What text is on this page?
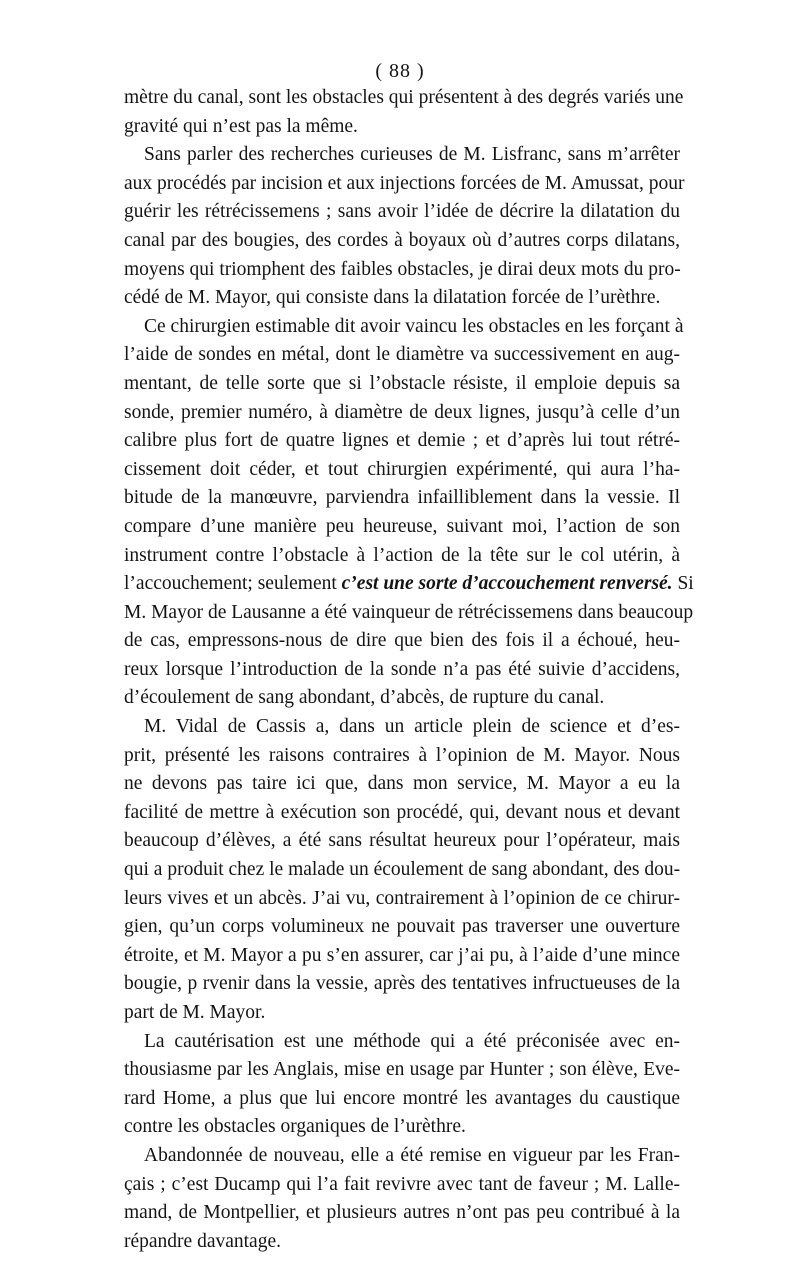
( 88 )
mètre du canal, sont les obstacles qui présentent à des degrés variés une
gravité qui n’est pas la même.
Sans parler des recherches curieuses de M. Lisfranc, sans m’arrêter
aux procédés par incision et aux injections forcées de M. Amussat, pour
guérir les rétrécissemens ; sans avoir l’idée de décrire la dilatation du
canal par des bougies, des cordes à boyaux où d’autres corps dilatans,
moyens qui triomphent des faibles obstacles, je dirai deux mots du pro-
cédé de M. Mayor, qui consiste dans la dilatation forcée de l’urèthre.
Ce chirurgien estimable dit avoir vaincu les obstacles en les forçant à
l’aide de sondes en métal, dont le diamètre va successivement en aug-
mentant, de telle sorte que si l’obstacle résiste, il emploie depuis sa
sonde, premier numéro, à diamètre de deux lignes, jusqu’à celle d’un
calibre plus fort de quatre lignes et demie ; et d’après lui tout rétré-
cissement doit céder, et tout chirurgien expérimenté, qui aura l’ha-
bitude de la manœuvre, parviendra infailliblement dans la vessie. Il
compare d’une manière peu heureuse, suivant moi, l’action de son
instrument contre l’obstacle à l’action de la tête sur le col utérin, à
l’accouchement; seulement c’est une sorte d’accouchement renversé. Si
M. Mayor de Lausanne a été vainqueur de rétrécissemens dans beaucoup
de cas, empressons-nous de dire que bien des fois il a échoué, heu-
reux lorsque l’introduction de la sonde n’a pas été suivie d’accidens,
d’écoulement de sang abondant, d’abcès, de rupture du canal.
M. Vidal de Cassis a, dans un article plein de science et d’es-
prit, présenté les raisons contraires à l’opinion de M. Mayor. Nous
ne devons pas taire ici que, dans mon service, M. Mayor a eu la
facilité de mettre à exécution son procédé, qui, devant nous et devant
beaucoup d’élèves, a été sans résultat heureux pour l’opérateur, mais
qui a produit chez le malade un écoulement de sang abondant, des dou-
leurs vives et un abcès. J’ai vu, contrairement à l’opinion de ce chirur-
gien, qu’un corps volumineux ne pouvait pas traverser une ouverture
étroite, et M. Mayor a pu s’en assurer, car j’ai pu, à l’aide d’une mince
bougie, p rvenir dans la vessie, après des tentatives infructueuses de la
part de M. Mayor.
La cautérisation est une méthode qui a été préconisée avec en-
thousiasme par les Anglais, mise en usage par Hunter ; son élève, Eve-
rard Home, a plus que lui encore montré les avantages du caustique
contre les obstacles organiques de l’urèthre.
Abandonnée de nouveau, elle a été remise en vigueur par les Fran-
çais ; c’est Ducamp qui l’a fait revivre avec tant de faveur ; M. Lalle-
mand, de Montpellier, et plusieurs autres n’ont pas peu contribué à la
répandre davantage.
